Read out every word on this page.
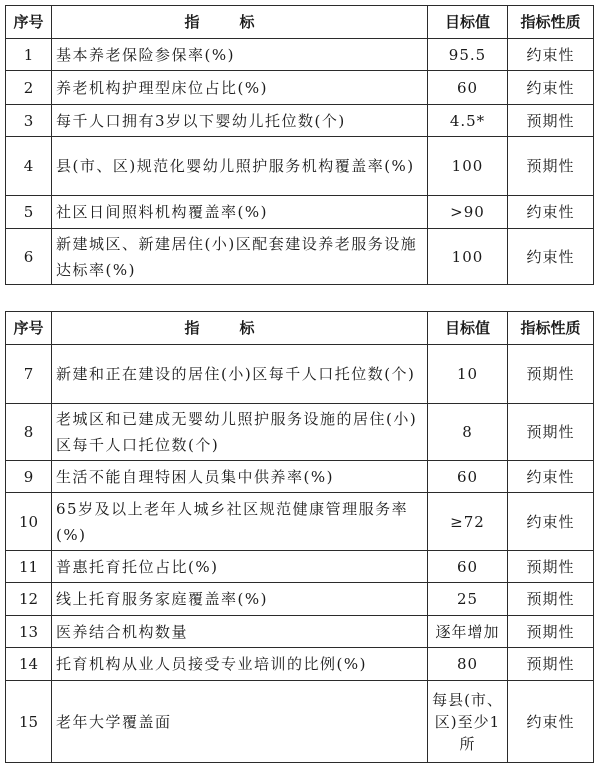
序号	指标	目标值	指标性质
1	基本养老保险参保率(%)	95.5	约束性
2	养老机构护理型床位占比(%)	60	约束性
3	每千人口拥有3岁以下婴幼儿托位数(个)	4.5*	预期性
4	县(市、区)规范化婴幼儿照护服务机构覆盖率(%)	100	预期性
5	社区日间照料机构覆盖率(%)	>90	约束性
6	新建城区、新建居住(小)区配套建设养老服务设施达标率(%)	100	约束性
序号	指标	目标值	指标性质
7	新建和正在建设的居住(小)区每千人口托位数(个)	10	预期性
8	老城区和已建成无婴幼儿照护服务设施的居住(小)区每千人口托位数(个)	8	预期性
9	生活不能自理特困人员集中供养率(%)	60	约束性
10	65岁及以上老年人城乡社区规范健康管理服务率(%)	≥72	约束性
11	普惠托育托位占比(%)	60	预期性
12	线上托育服务家庭覆盖率(%)	25	预期性
13	医养结合机构数量	逐年增加	预期性
14	托育机构从业人员接受专业培训的比例(%)	80	预期性
15	老年大学覆盖面	每县(市、区)至少1所	约束性
